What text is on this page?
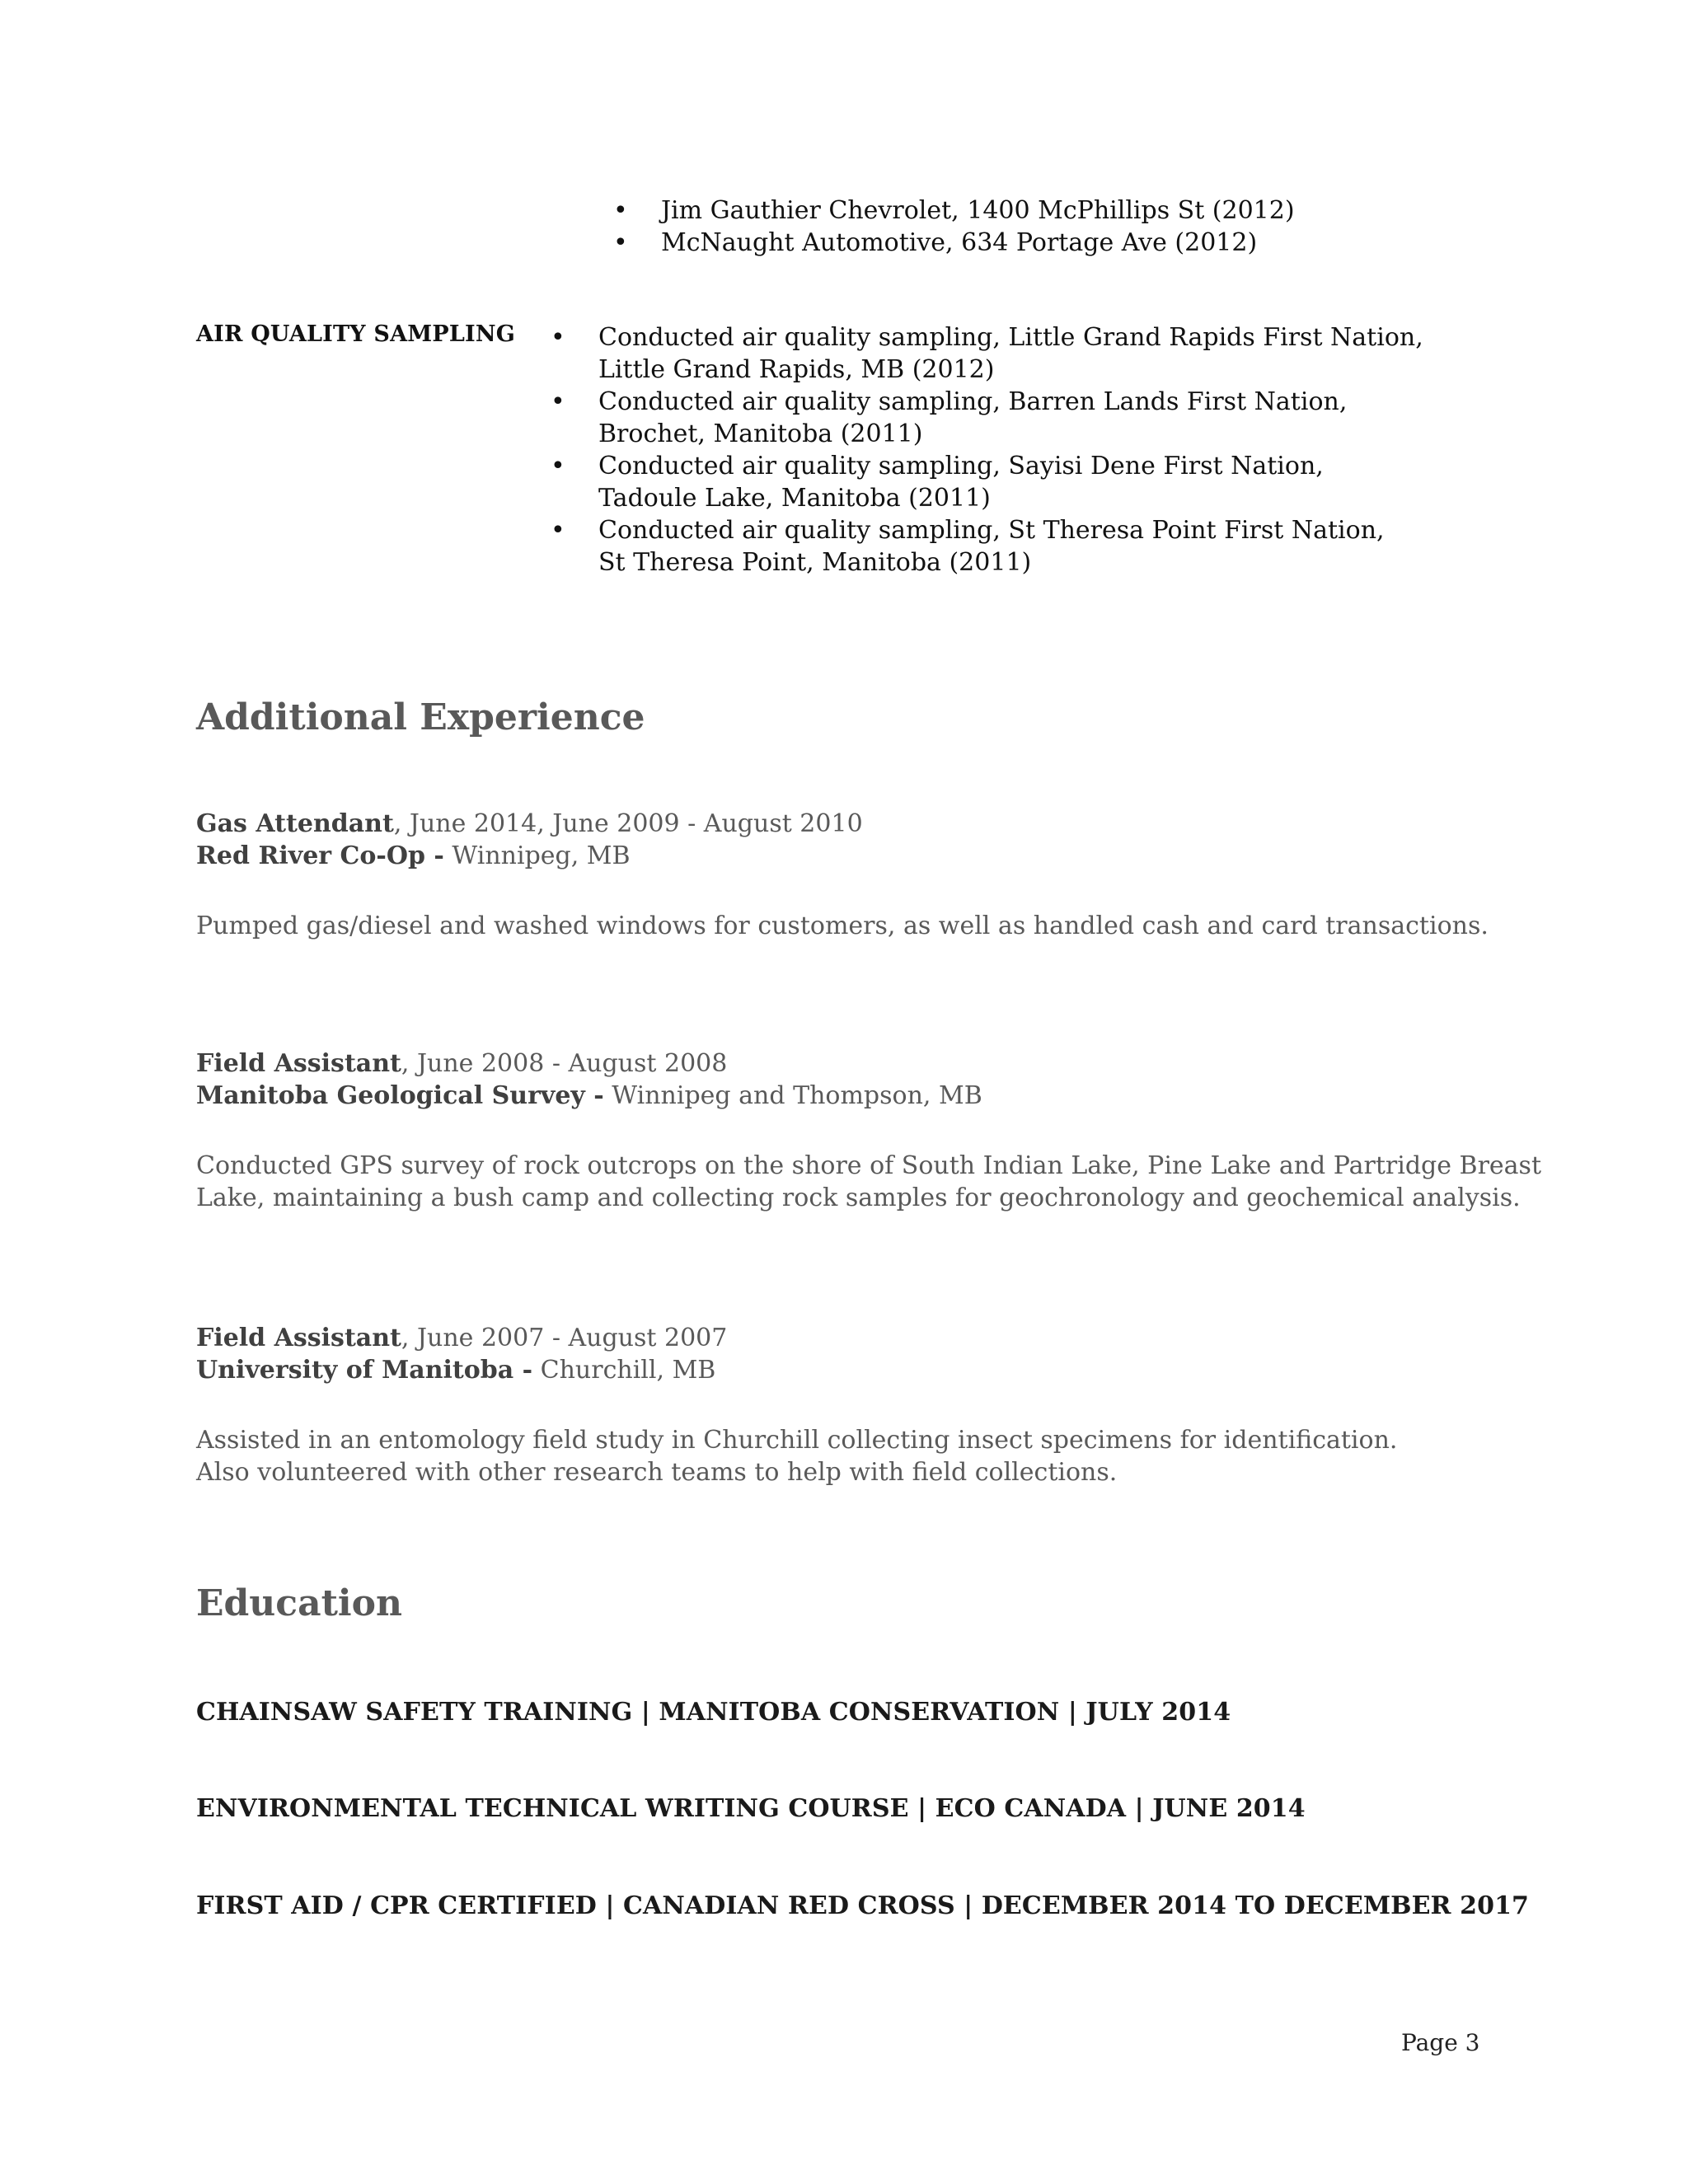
• Jim Gauthier Chevrolet, 1400 McPhillips St (2012)
• McNaught Automotive, 634 Portage Ave (2012)
AIR QUALITY SAMPLING • Conducted air quality sampling, Little Grand Rapids First Nation,
Little Grand Rapids, MB (2012)
• Conducted air quality sampling, Barren Lands First Nation,
Brochet, Manitoba (2011)
• Conducted air quality sampling, Sayisi Dene First Nation,
Tadoule Lake, Manitoba (2011)
• Conducted air quality sampling, St Theresa Point First Nation,
St Theresa Point, Manitoba (2011)
Additional Experience
Gas Attendant, June 2014, June 2009 - August 2010
Red River Co-Op - Winnipeg, MB
Pumped gas/diesel and washed windows for customers, as well as handled cash and card transactions.
Field Assistant, June 2008 - August 2008
Manitoba Geological Survey - Winnipeg and Thompson, MB
Conducted GPS survey of rock outcrops on the shore of South Indian Lake, Pine Lake and Partridge Breast
Lake, maintaining a bush camp and collecting rock samples for geochronology and geochemical analysis.
Field Assistant, June 2007 - August 2007
University of Manitoba - Churchill, MB
Assisted in an entomology field study in Churchill collecting insect specimens for identification.
Also volunteered with other research teams to help with field collections.
Education
CHAINSAW SAFETY TRAINING | MANITOBA CONSERVATION | JULY 2014
ENVIRONMENTAL TECHNICAL WRITING COURSE | ECO CANADA | JUNE 2014
FIRST AID / CPR CERTIFIED | CANADIAN RED CROSS | DECEMBER 2014 TO DECEMBER 2017
Page 3
